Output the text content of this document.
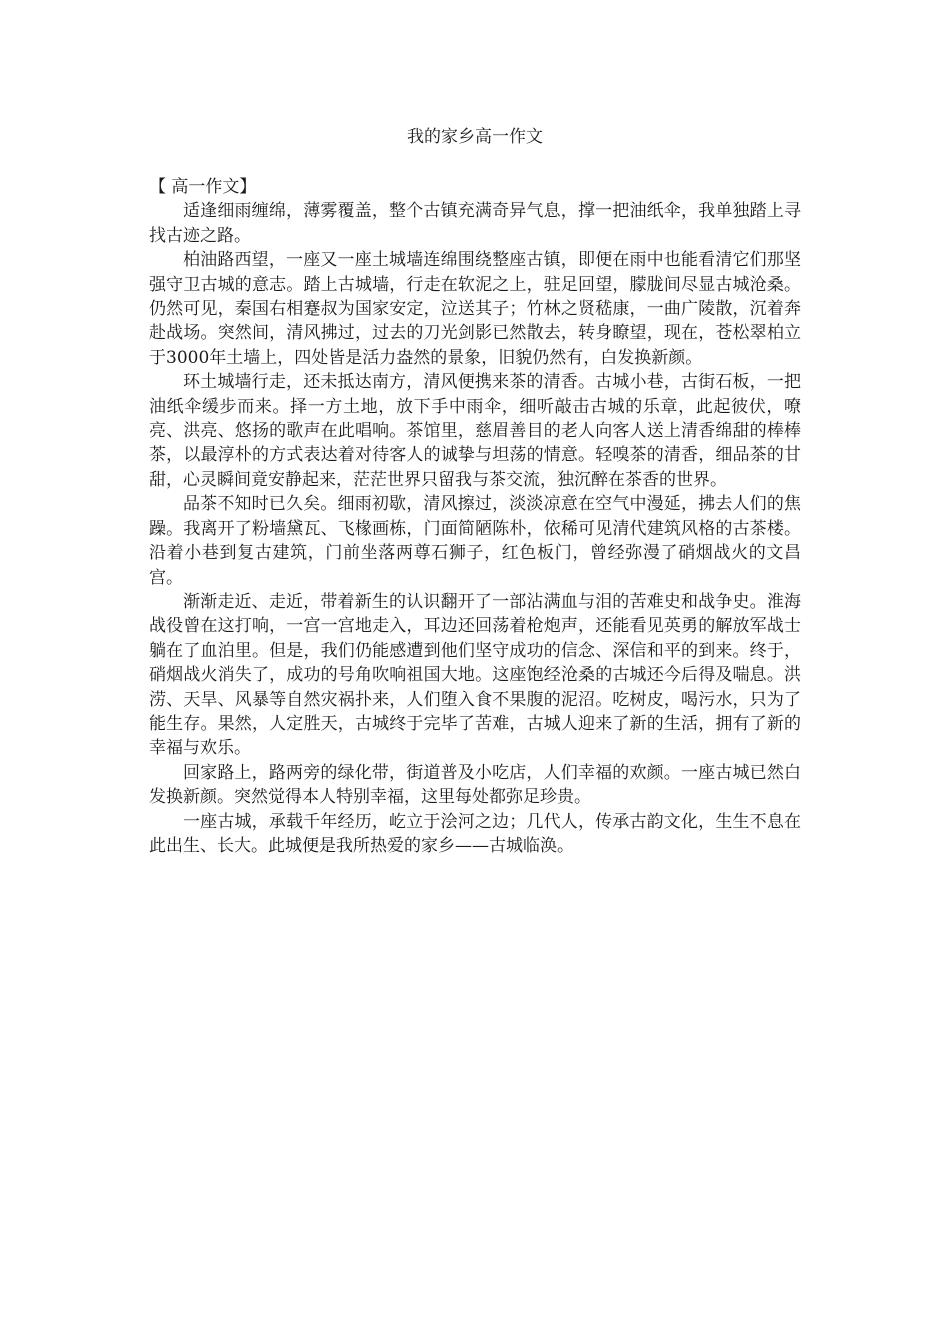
我的家乡高一作文

【 高一作文】

适逢细雨缠绵，薄雾覆盖，整个古镇充满奇异气息，撑一把油纸伞，我单独踏上寻找古迹之路。

柏油路西望，一座又一座土城墙连绵围绕整座古镇，即便在雨中也能看清它们那坚强守卫古城的意志。踏上古城墙，行走在软泥之上，驻足回望，朦胧间尽显古城沧桑。仍然可见，秦国右相蹇叔为国家安定，泣送其子；竹林之贤嵇康，一曲广陵散，沉着奔赴战场。突然间，清风拂过，过去的刀光剑影已然散去，转身瞭望，现在，苍松翠柏立于3000年土墙上，四处皆是活力盎然的景象，旧貌仍然有，白发换新颜。

环土城墙行走，还未抵达南方，清风便携来茶的清香。古城小巷，古街石板，一把油纸伞缓步而来。择一方土地，放下手中雨伞，细听敲击古城的乐章，此起彼伏，嘹亮、洪亮、悠扬的歌声在此唱响。茶馆里，慈眉善目的老人向客人送上清香绵甜的棒棒茶，以最淳朴的方式表达着对待客人的诚挚与坦荡的情意。轻嗅茶的清香，细品茶的甘甜，心灵瞬间竟安静起来，茫茫世界只留我与茶交流，独沉醉在茶香的世界。

品茶不知时已久矣。细雨初歇，清风擦过，淡淡凉意在空气中漫延，拂去人们的焦躁。我离开了粉墙黛瓦、飞椽画栋，门面简陋陈朴，依稀可见清代建筑风格的古茶楼。沿着小巷到复古建筑，门前坐落两尊石狮子，红色板门，曾经弥漫了硝烟战火的文昌宫。

渐渐走近、走近，带着新生的认识翻开了一部沾满血与泪的苦难史和战争史。淮海战役曾在这打响，一宫一宫地走入，耳边还回荡着枪炮声，还能看见英勇的解放军战士躺在了血泊里。但是，我们仍能感遭到他们坚守成功的信念、深信和平的到来。终于，硝烟战火消失了，成功的号角吹响祖国大地。这座饱经沧桑的古城还今后得及喘息。洪涝、天旱、风暴等自然灾祸扑来，人们堕入食不果腹的泥沼。吃树皮，喝污水，只为了能生存。果然，人定胜天，古城终于完毕了苦难，古城人迎来了新的生活，拥有了新的幸福与欢乐。

回家路上，路两旁的绿化带，街道普及小吃店，人们幸福的欢颜。一座古城已然白发换新颜。突然觉得本人特别幸福，这里每处都弥足珍贵。

一座古城，承载千年经历，屹立于浍河之边；几代人，传承古韵文化，生生不息在此出生、长大。此城便是我所热爱的家乡——古城临涣。
